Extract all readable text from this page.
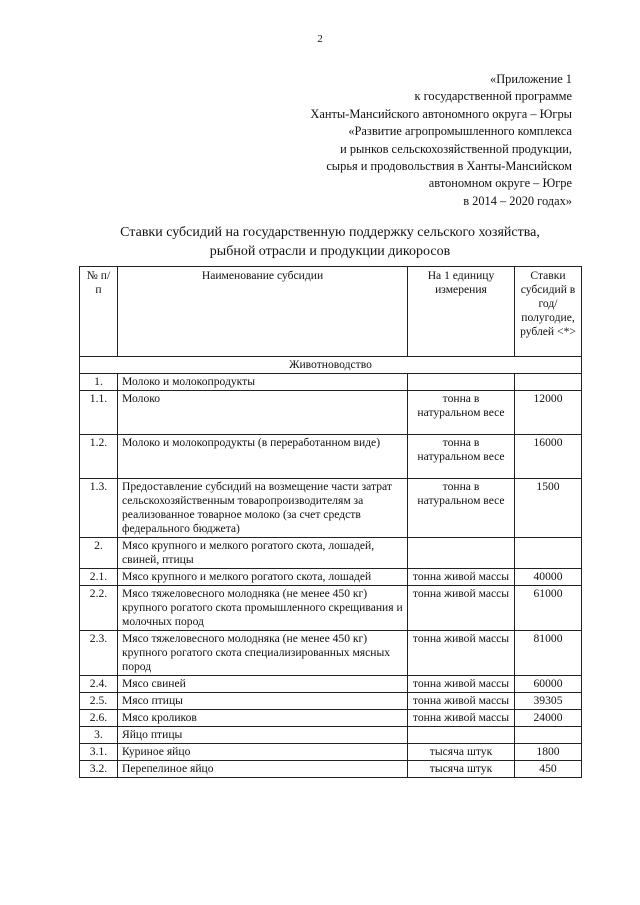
2
«Приложение 1
к государственной программе
Ханты-Мансийского автономного округа – Югры
«Развитие агропромышленного комплекса
и рынков сельскохозяйственной продукции,
сырья и продовольствия в Ханты-Мансийском
автономном округе – Югре
в 2014 – 2020 годах»
Ставки субсидий на государственную поддержку сельского хозяйства,
рыбной отрасли и продукции дикоросов
№ п/п	Наименование субсидии	На 1 единицу измерения	Ставки субсидий в год/полугодие, рублей <*>
Животноводство			
1.	Молоко и молокопродукты		
1.1.	Молоко	тонна в натуральном весе	12000
1.2.	Молоко и молокопродукты (в переработанном виде)	тонна в натуральном весе	16000
1.3.	Предоставление субсидий на возмещение части затрат сельскохозяйственным товаропроизводителям за реализованное товарное молоко (за счет средств федерального бюджета)	тонна в натуральном весе	1500
2.	Мясо крупного и мелкого рогатого скота, лошадей, свиней, птицы		
2.1.	Мясо крупного и мелкого рогатого скота, лошадей	тонна живой массы	40000
2.2.	Мясо тяжеловесного молодняка (не менее 450 кг) крупного рогатого скота промышленного скрещивания и молочных пород	тонна живой массы	61000
2.3.	Мясо тяжеловесного молодняка (не менее 450 кг) крупного рогатого скота специализированных мясных пород	тонна живой массы	81000
2.4.	Мясо свиней	тонна живой массы	60000
2.5.	Мясо птицы	тонна живой массы	39305
2.6.	Мясо кроликов	тонна живой массы	24000
3.	Яйцо птицы		
3.1.	Куриное яйцо	тысяча штук	1800
3.2.	Перепелиное яйцо	тысяча штук	450
